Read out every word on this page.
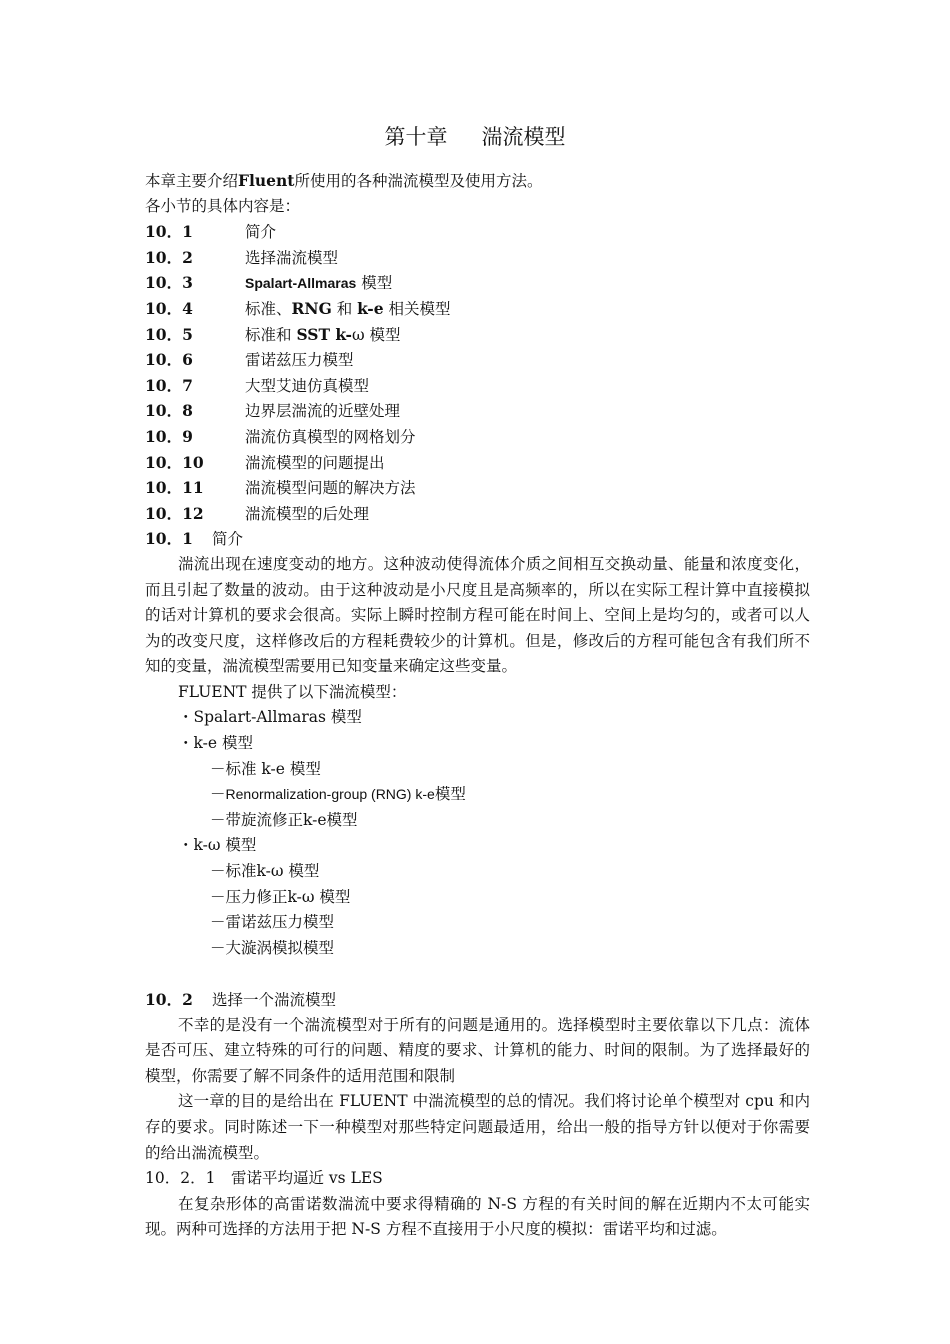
第十章 湍流模型
本章主要介绍Fluent所使用的各种湍流模型及使用方法。
各小节的具体内容是：
10．1	简介
10．2	选择湍流模型
10．3	Spalart-Allmaras 模型
10．4	标准、RNG 和 k-e 相关模型
10．5	标准和 SST k-ω 模型
10．6	雷诺兹压力模型
10．7	大型艾迪仿真模型
10．8	边界层湍流的近壁处理
10．9	湍流仿真模型的网格划分
10．10	湍流模型的问题提出
10．11	湍流模型问题的解决方法
10．12	湍流模型的后处理
10．1 简介

湍流出现在速度变动的地方。这种波动使得流体介质之间相互交换动量、能量和浓度变化，而且引起了数量的波动。由于这种波动是小尺度且是高频率的，所以在实际工程计算中直接模拟的话对计算机的要求会很高。实际上瞬时控制方程可能在时间上、空间上是均匀的，或者可以人为的改变尺度，这样修改后的方程耗费较少的计算机。但是，修改后的方程可能包含有我们所不知的变量，湍流模型需要用已知变量来确定这些变量。

FLUENT 提供了以下湍流模型：
・Spalart-Allmaras 模型
・k-e 模型
－标准 k-e 模型
－Renormalization-group (RNG) k-e模型
－带旋流修正k-e模型
・k-ω 模型
－标准k-ω 模型
－压力修正k-ω 模型
－雷诺兹压力模型
－大漩涡模拟模型
10．2 选择一个湍流模型

不幸的是没有一个湍流模型对于所有的问题是通用的。选择模型时主要依靠以下几点：流体是否可压、建立特殊的可行的问题、精度的要求、计算机的能力、时间的限制。为了选择最好的模型，你需要了解不同条件的适用范围和限制

这一章的目的是给出在 FLUENT 中湍流模型的总的情况。我们将讨论单个模型对 cpu 和内存的要求。同时陈述一下一种模型对那些特定问题最适用，给出一般的指导方针以便对于你需要的给出湍流模型。

10．2．1 雷诺平均逼近 vs LES

在复杂形体的高雷诺数湍流中要求得精确的 N-S 方程的有关时间的解在近期内不太可能实现。两种可选择的方法用于把 N-S 方程不直接用于小尺度的模拟：雷诺平均和过滤。
